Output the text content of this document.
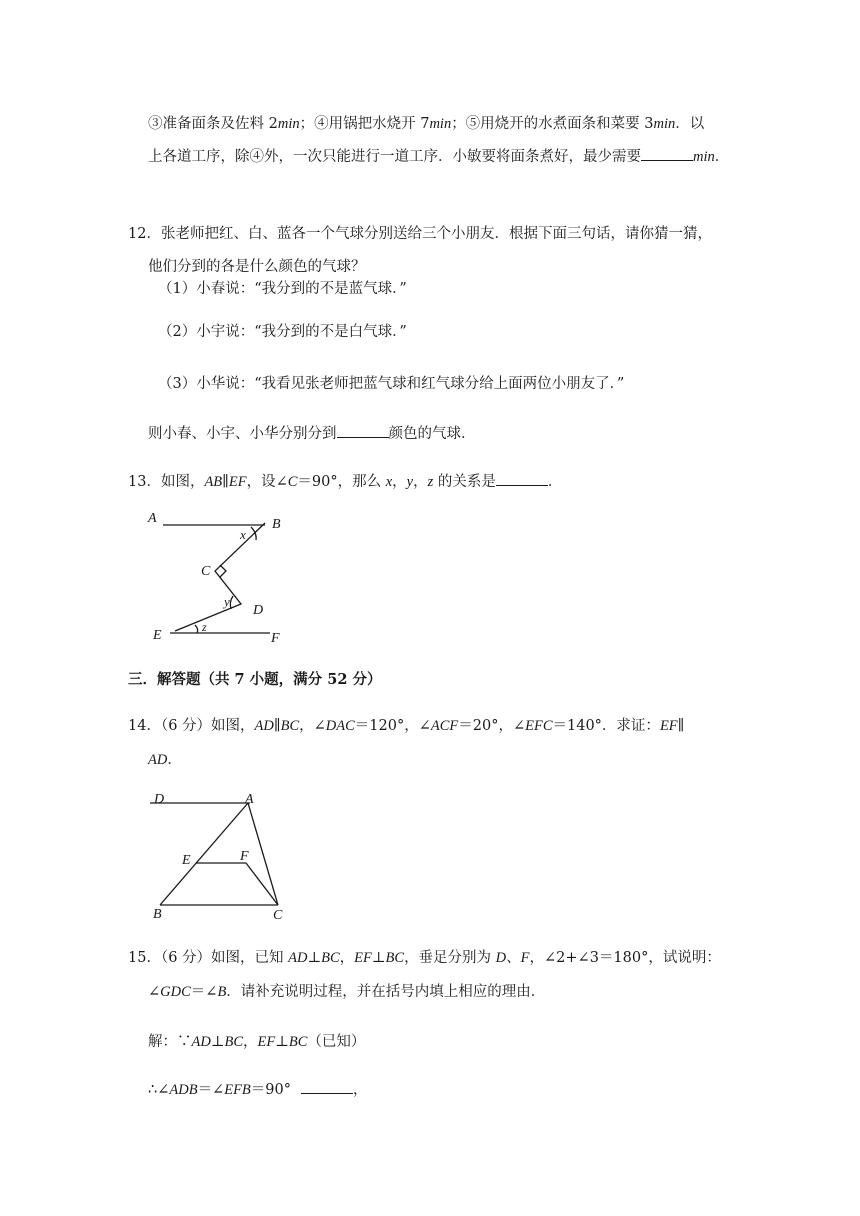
③准备面条及佐料 2min；④用锅把水烧开 7min；⑤用烧开的水煮面条和菜要 3min．以
上各道工序，除④外，一次只能进行一道工序．小敏要将面条煮好，最少需要	min．
12．张老师把红、白、蓝各一个气球分别送给三个小朋友．根据下面三句话，请你猜一猜，
他们分到的各是什么颜色的气球？
（1）小春说：“我分到的不是蓝气球．”
（2）小宇说：“我分到的不是白气球．”
（3）小华说：“我看见张老师把蓝气球和红气球分给上面两位小朋友了．”
则小春、小宇、小华分别分到	颜色的气球．
13．如图，AB∥EF，设∠C＝90°，那么 x，y，z 的关系是	．
A	B
x
C
y
D
z
E	F
三．解答题（共 7 小题，满分 52 分）
14．（6 分）如图，AD∥BC，∠DAC＝120°，∠ACF＝20°，∠EFC＝140°．求证：EF∥
AD．
D	A
E	F
B	C
15．（6 分）如图，已知 AD⊥BC，EF⊥BC，垂足分别为 D、F，∠2+∠3＝180°，试说明：
∠GDC＝∠B．请补充说明过程，并在括号内填上相应的理由．
解：∵AD⊥BC，EF⊥BC（已知）
∴∠ADB＝∠EFB＝90°	，
